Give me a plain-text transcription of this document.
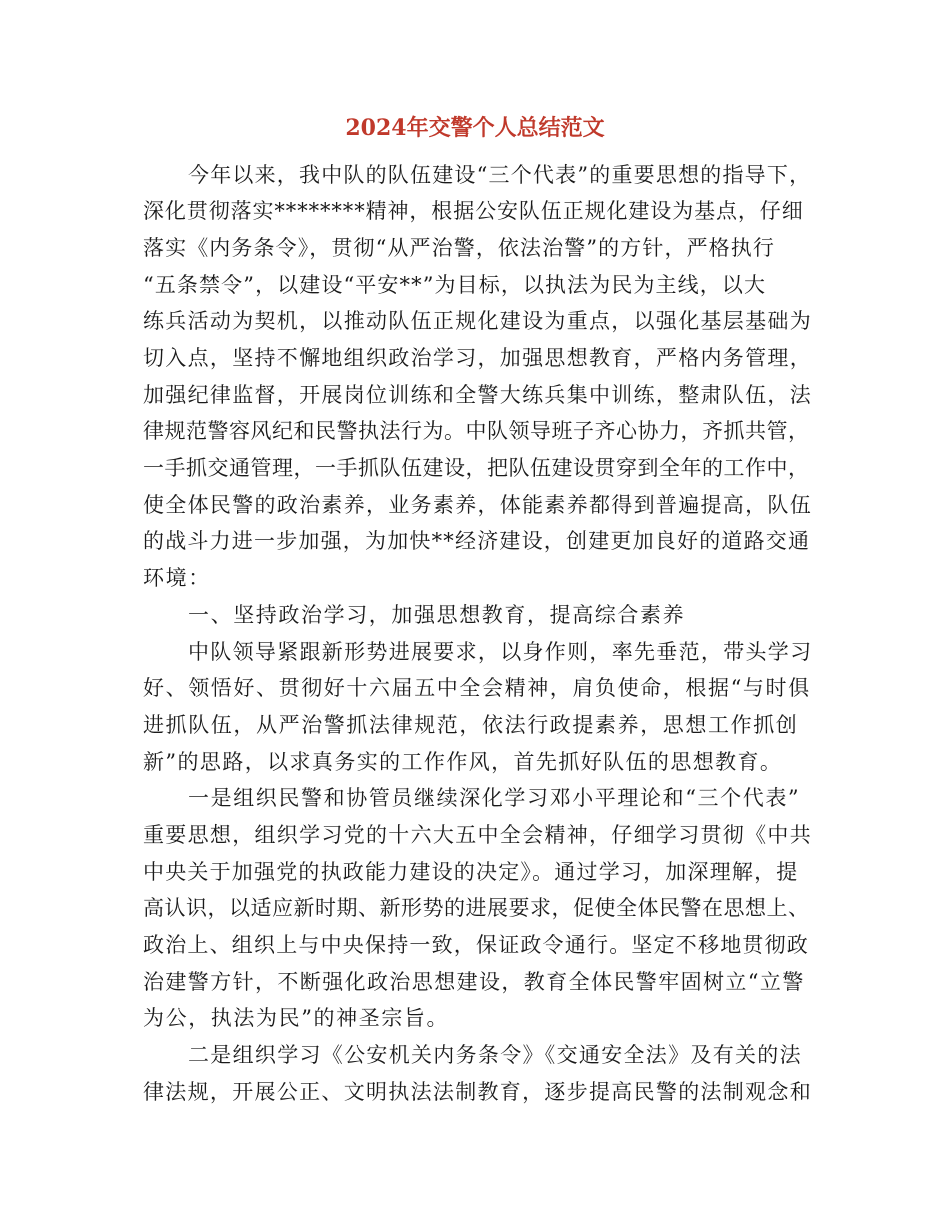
2024年交警个人总结范文

今年以来，我中队的队伍建设“三个代表”的重要思想的指导下，

深化贯彻落实********精神，根据公安队伍正规化建设为基点，仔细

落实《内务条令》，贯彻“从严治警，依法治警”的方针，严格执行

“五条禁令”，以建设“平安**”为目标，以执法为民为主线，以大

练兵活动为契机，以推动队伍正规化建设为重点，以强化基层基础为

切入点，坚持不懈地组织政治学习，加强思想教育，严格内务管理，

加强纪律监督，开展岗位训练和全警大练兵集中训练，整肃队伍，法

律规范警容风纪和民警执法行为。中队领导班子齐心协力，齐抓共管，

一手抓交通管理，一手抓队伍建设，把队伍建设贯穿到全年的工作中，

使全体民警的政治素养，业务素养，体能素养都得到普遍提高，队伍

的战斗力进一步加强，为加快**经济建设，创建更加良好的道路交通

环境：

一、坚持政治学习，加强思想教育，提高综合素养

中队领导紧跟新形势进展要求，以身作则，率先垂范，带头学习

好、领悟好、贯彻好十六届五中全会精神，肩负使命，根据“与时俱

进抓队伍，从严治警抓法律规范，依法行政提素养，思想工作抓创

新”的思路，以求真务实的工作作风，首先抓好队伍的思想教育。

一是组织民警和协管员继续深化学习邓小平理论和“三个代表”

重要思想，组织学习党的十六大五中全会精神，仔细学习贯彻《中共

中央关于加强党的执政能力建设的决定》。通过学习，加深理解，提

高认识，以适应新时期、新形势的进展要求，促使全体民警在思想上、

政治上、组织上与中央保持一致，保证政令通行。坚定不移地贯彻政

治建警方针，不断强化政治思想建设，教育全体民警牢固树立“立警

为公，执法为民”的神圣宗旨。

二是组织学习《公安机关内务条令》《交通安全法》及有关的法

律法规，开展公正、文明执法法制教育，逐步提高民警的法制观念和
